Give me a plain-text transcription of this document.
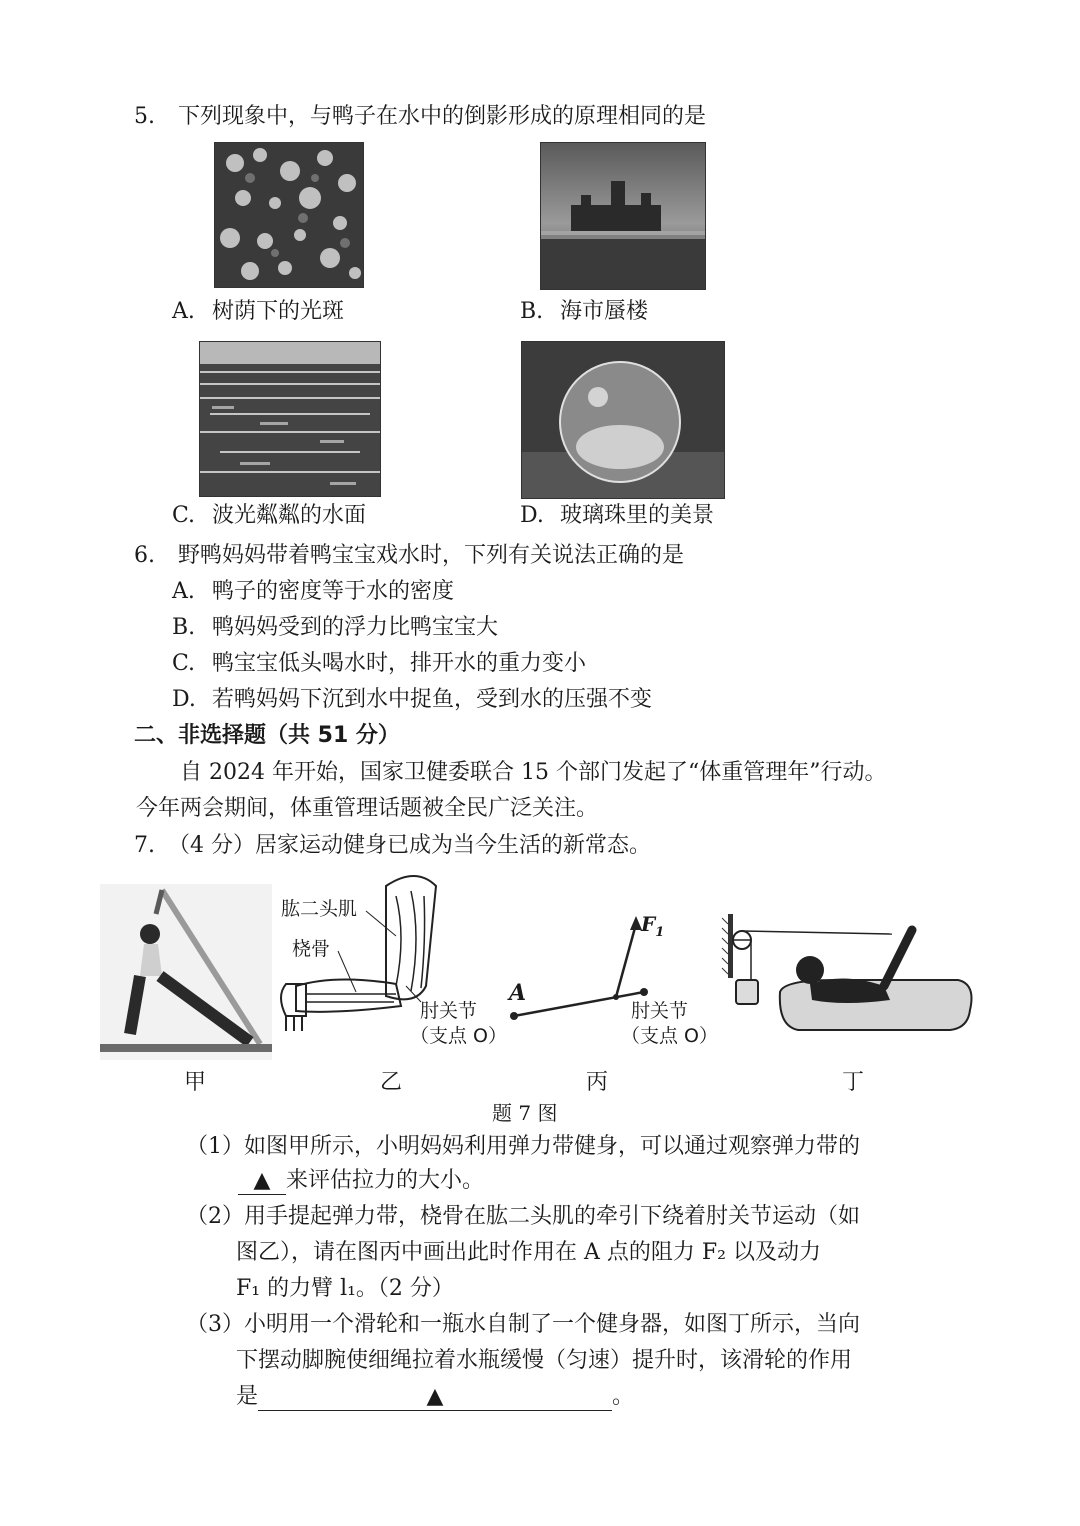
5. 下列现象中，与鸭子在水中的倒影形成的原理相同的是
A. 树荫下的光斑	B. 海市蜃楼
C. 波光粼粼的水面	D. 玻璃珠里的美景
6. 野鸭妈妈带着鸭宝宝戏水时，下列有关说法正确的是
A. 鸭子的密度等于水的密度
B. 鸭妈妈受到的浮力比鸭宝宝大
C. 鸭宝宝低头喝水时，排开水的重力变小
D. 若鸭妈妈下沉到水中捉鱼，受到水的压强不变
二、非选择题（共 51 分）
自 2024 年开始，国家卫健委联合 15 个部门发起了“体重管理年”行动。
今年两会期间，体重管理话题被全民广泛关注。
7. （4 分）居家运动健身已成为当今生活的新常态。
肱二头肌
桡骨
肘关节
（支点 O）
A
$F_1$
肘关节
（支点 O）
甲	乙	丙	丁
题 7 图
（1）如图甲所示，小明妈妈利用弹力带健身，可以通过观察弹力带的
▲ 来评估拉力的大小。
（2）用手提起弹力带，桡骨在肱二头肌的牵引下绕着肘关节运动（如
图乙），请在图丙中画出此时作用在 A 点的阻力 F₂ 以及动力
F₁ 的力臂 l₁。（2 分）
（3）小明用一个滑轮和一瓶水自制了一个健身器，如图丁所示，当向
下摆动脚腕使细绳拉着水瓶缓慢（匀速）提升时，该滑轮的作用
是	▲	。
